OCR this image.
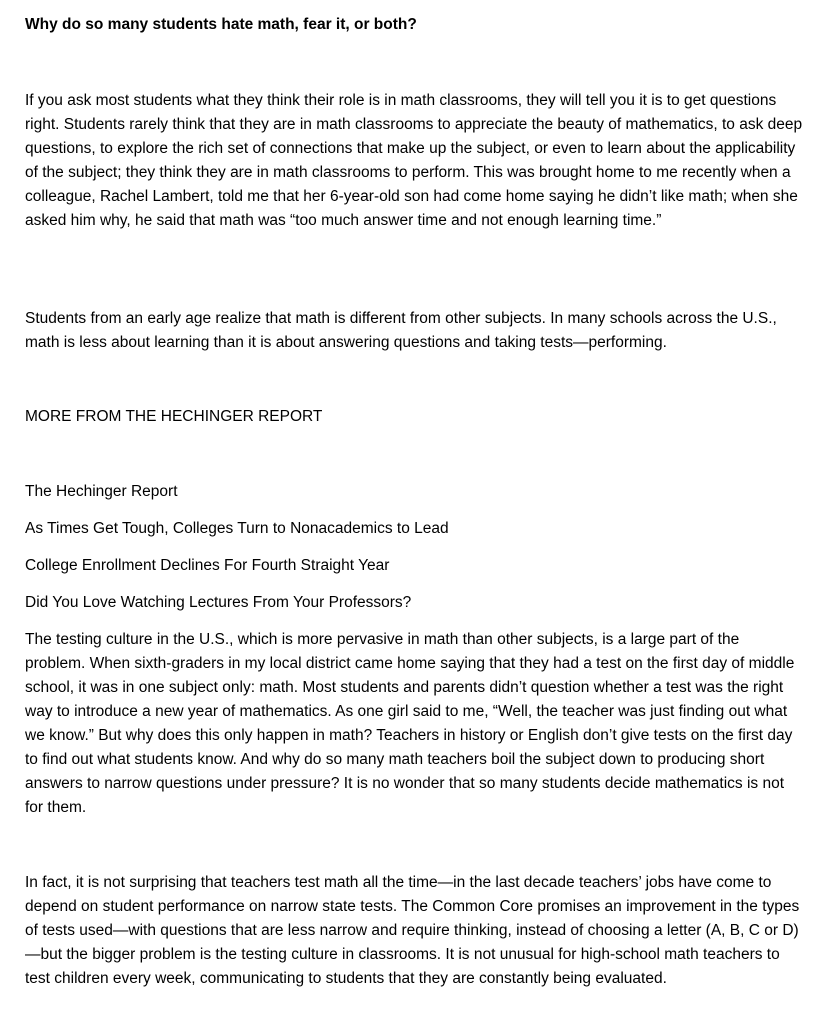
Why do so many students hate math, fear it, or both?

If you ask most students what they think their role is in math classrooms, they will tell you it is to get questions right. Students rarely think that they are in math classrooms to appreciate the beauty of mathematics, to ask deep questions, to explore the rich set of connections that make up the subject, or even to learn about the applicability of the subject; they think they are in math classrooms to perform. This was brought home to me recently when a colleague, Rachel Lambert, told me that her 6-year-old son had come home saying he didn’t like math; when she asked him why, he said that math was “too much answer time and not enough learning time.”

Students from an early age realize that math is different from other subjects. In many schools across the U.S., math is less about learning than it is about answering questions and taking tests—performing.

MORE FROM THE HECHINGER REPORT

The Hechinger Report

As Times Get Tough, Colleges Turn to Nonacademics to Lead

College Enrollment Declines For Fourth Straight Year

Did You Love Watching Lectures From Your Professors?

The testing culture in the U.S., which is more pervasive in math than other subjects, is a large part of the problem. When sixth-graders in my local district came home saying that they had a test on the first day of middle school, it was in one subject only: math. Most students and parents didn’t question whether a test was the right way to introduce a new year of mathematics. As one girl said to me, “Well, the teacher was just finding out what we know.” But why does this only happen in math? Teachers in history or English don’t give tests on the first day to find out what students know. And why do so many math teachers boil the subject down to producing short answers to narrow questions under pressure? It is no wonder that so many students decide mathematics is not for them.

In fact, it is not surprising that teachers test math all the time—in the last decade teachers’ jobs have come to depend on student performance on narrow state tests. The Common Core promises an improvement in the types of tests used—with questions that are less narrow and require thinking, instead of choosing a letter (A, B, C or D)—but the bigger problem is the testing culture in classrooms. It is not unusual for high-school math teachers to test children every week, communicating to students that they are constantly being evaluated.
